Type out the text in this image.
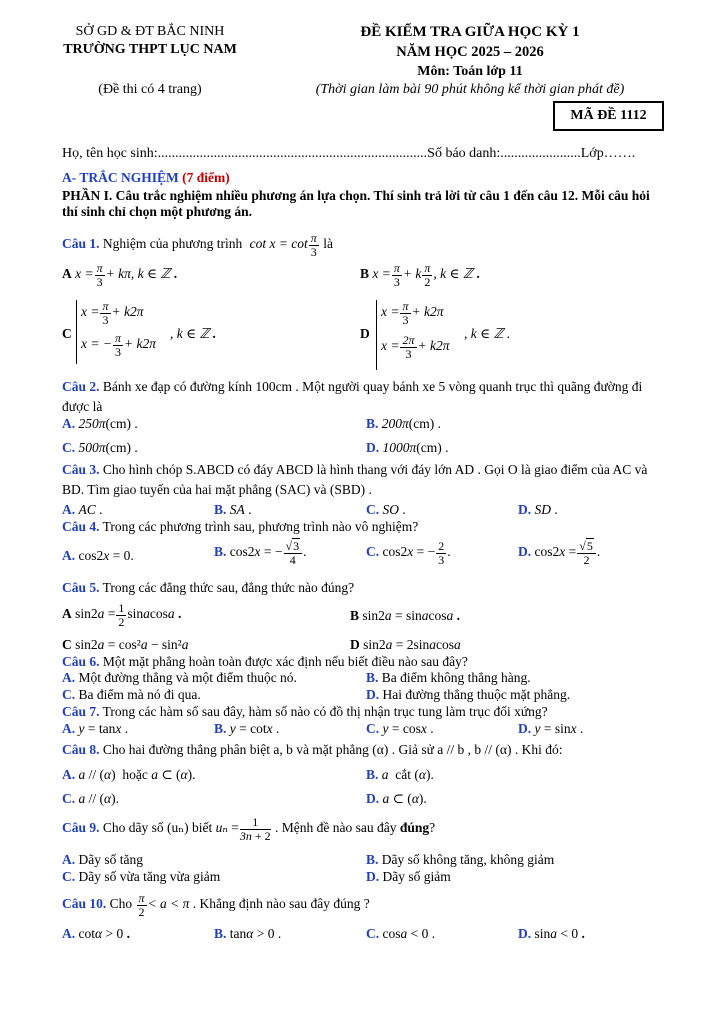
SỞ GD & ĐT BẮC NINH
TRƯỜNG THPT LỤC NAM
(Đề thi có 4 trang)
ĐỀ KIỂM TRA GIỮA HỌC KỲ 1
NĂM HỌC 2025 – 2026
Môn: Toán lớp 11
(Thời gian làm bài 90 phút không kể thời gian phát đề)
MÃ ĐỀ 1112
Họ, tên học sinh:.............................................................................Số báo danh:.......................Lớp…….
A- TRẮC NGHIỆM (7 điểm)
PHẦN I. Câu trắc nghiệm nhiều phương án lựa chọn. Thí sinh trả lời từ câu 1 đến câu 12. Mỗi câu hỏi thí sinh chỉ chọn một phương án.
Câu 1. Nghiệm của phương trình $\cot x = \cot \frac{\pi}{3}$ là
A $x = \frac{\pi}{3} + k\pi$, k ∈ ℤ .	B $x = \frac{\pi}{3} + k \frac{\pi}{2}$ , k ∈ ℤ .
C
$x = \frac{\pi}{3} + k2\pi$
x = − $\frac{\pi}{3} + k2\pi$
, k ∈ ℤ .	D
$x = \frac{\pi}{3} + k2\pi$
$x = \frac{2\pi}{3} + k2\pi$
, k ∈ ℤ .
Câu 2. Bánh xe đạp có đường kính 100cm . Một người quay bánh xe 5 vòng quanh trục thì quãng đường đi được là
A. 250π(cm) .	B. 200π(cm) .
C. 500π(cm) .	D. 1000π(cm) .
Câu 3. Cho hình chóp S.ABCD có đáy ABCD là hình thang với đáy lớn AD . Gọi O là giao điểm của AC và BD. Tìm giao tuyến của hai mặt phẳng (SAC) và (SBD) .
A. AC .	B. SA .	C. SO .	D. SD .
Câu 4. Trong các phương trình sau, phương trình nào vô nghiệm?
A. cos2x = 0.	B. cos2x = − $\frac{√3}{4}$ .	C. cos2x = − $\frac{2}{3}$ .	D. $\cos 2x = \frac{√5}{2}$ .
Câu 5. Trong các đẳng thức sau, đẳng thức nào đúng?
A $\sin 2a = \frac{1}{2}$ sinacosa .	B sin2a = sinacosa .
C sin2a = cos²a − sin²a	D sin2a = 2sinacosa
Câu 6. Một mặt phẳng hoàn toàn được xác định nếu biết điều nào sau đây?
A. Một đường thẳng và một điểm thuộc nó.	B. Ba điểm không thẳng hàng.
C. Ba điểm mà nó đi qua.	D. Hai đường thẳng thuộc mặt phẳng.
Câu 7. Trong các hàm số sau đây, hàm số nào có đồ thị nhận trục tung làm trục đối xứng?
A. y = tanx .	B. y = cotx .	C. y = cosx .	D. y = sinx .
Câu 8. Cho hai đường thẳng phân biệt a, b và mặt phẳng (α) . Giả sử a // b , b // (α) . Khi đó:
A. a // (α)  hoặc a ⊂ (α).	B. a  cắt (α).
C. a // (α).	D. a ⊂ (α).
Câu 9. Cho dãy số (uₙ) biết $u_n = \frac{1}{3n + 2}$ . Mệnh đề nào sau đây đúng?
A. Dãy số tăng	B. Dãy số không tăng, không giảm
C. Dãy số vừa tăng vừa giảm	D. Dãy số giảm
Câu 10. Cho $\frac{\pi}{2} < a < \pi$ . Khẳng định nào sau đây đúng ?
A. cotα > 0 .	B. tanα > 0 .	C. cosa < 0 .	D. sina < 0 .
